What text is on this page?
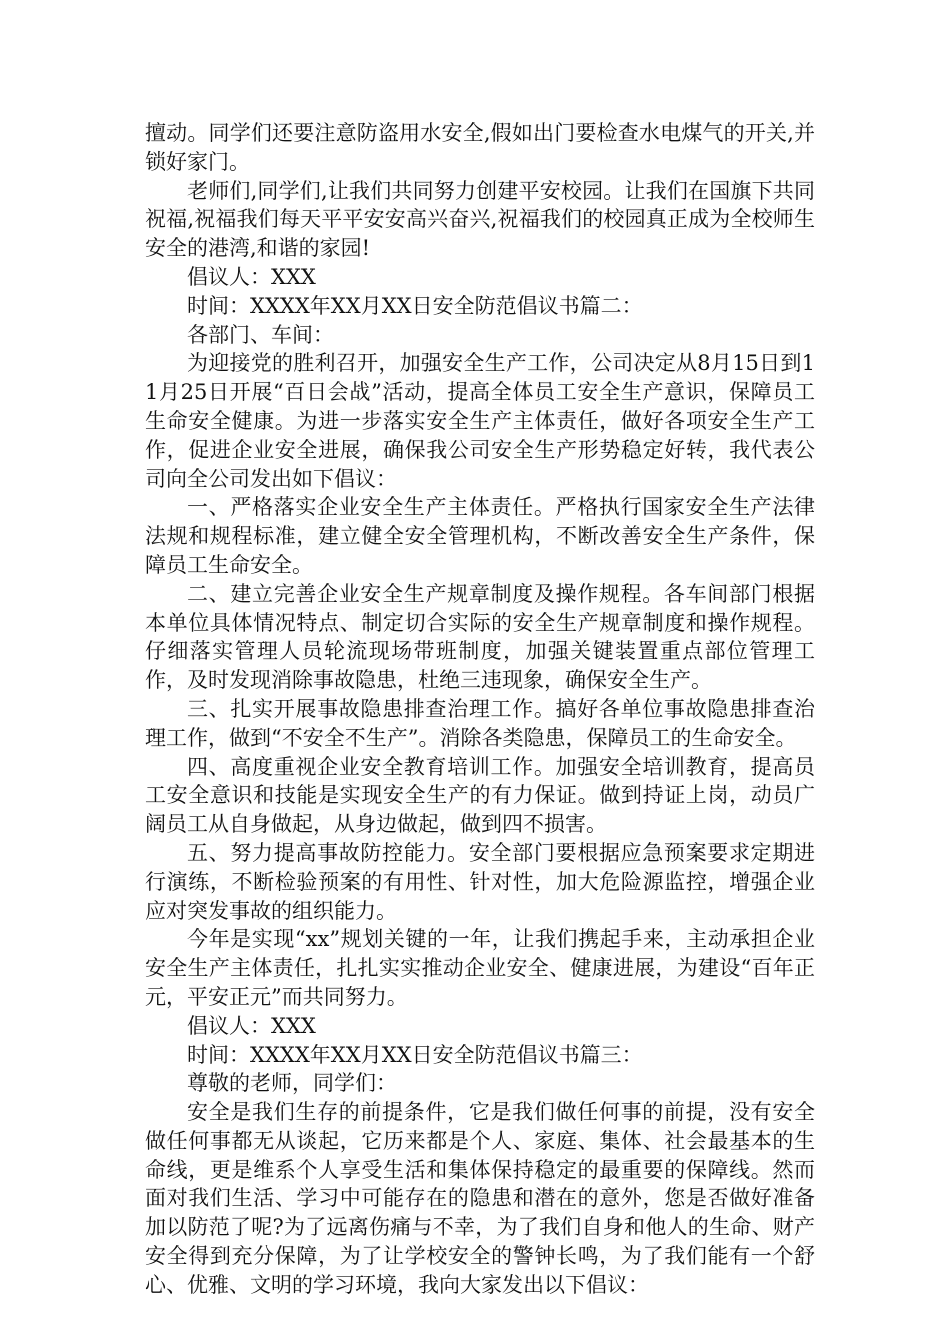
擅动。同学们还要注意防盗用水安全,假如出门要检查水电煤气的开关,并锁好家门。

老师们,同学们,让我们共同努力创建平安校园。让我们在国旗下共同祝福,祝福我们每天平平安安高兴奋兴,祝福我们的校园真正成为全校师生安全的港湾,和谐的家园!

倡议人：XXX

时间：XXXX年XX月XX日安全防范倡议书篇二：

各部门、车间：

为迎接党的胜利召开，加强安全生产工作，公司决定从8月15日到11月25日开展“百日会战”活动，提高全体员工安全生产意识，保障员工生命安全健康。为进一步落实安全生产主体责任，做好各项安全生产工作，促进企业安全进展，确保我公司安全生产形势稳定好转，我代表公司向全公司发出如下倡议：

一、严格落实企业安全生产主体责任。严格执行国家安全生产法律法规和规程标准，建立健全安全管理机构，不断改善安全生产条件，保障员工生命安全。

二、建立完善企业安全生产规章制度及操作规程。各车间部门根据本单位具体情况特点、制定切合实际的安全生产规章制度和操作规程。仔细落实管理人员轮流现场带班制度，加强关键装置重点部位管理工作，及时发现消除事故隐患，杜绝三违现象，确保安全生产。

三、扎实开展事故隐患排查治理工作。搞好各单位事故隐患排查治理工作，做到“不安全不生产”。消除各类隐患，保障员工的生命安全。

四、高度重视企业安全教育培训工作。加强安全培训教育，提高员工安全意识和技能是实现安全生产的有力保证。做到持证上岗，动员广阔员工从自身做起，从身边做起，做到四不损害。

五、努力提高事故防控能力。安全部门要根据应急预案要求定期进行演练，不断检验预案的有用性、针对性，加大危险源监控，增强企业应对突发事故的组织能力。

今年是实现“xx”规划关键的一年，让我们携起手来，主动承担企业安全生产主体责任，扎扎实实推动企业安全、健康进展，为建设“百年正元，平安正元”而共同努力。

倡议人：XXX

时间：XXXX年XX月XX日安全防范倡议书篇三：

尊敬的老师，同学们：

安全是我们生存的前提条件，它是我们做任何事的前提，没有安全做任何事都无从谈起，它历来都是个人、家庭、集体、社会最基本的生命线，更是维系个人享受生活和集体保持稳定的最重要的保障线。然而面对我们生活、学习中可能存在的隐患和潜在的意外，您是否做好准备加以防范了呢?为了远离伤痛与不幸，为了我们自身和他人的生命、财产安全得到充分保障，为了让学校安全的警钟长鸣，为了我们能有一个舒心、优雅、文明的学习环境，我向大家发出以下倡议：
